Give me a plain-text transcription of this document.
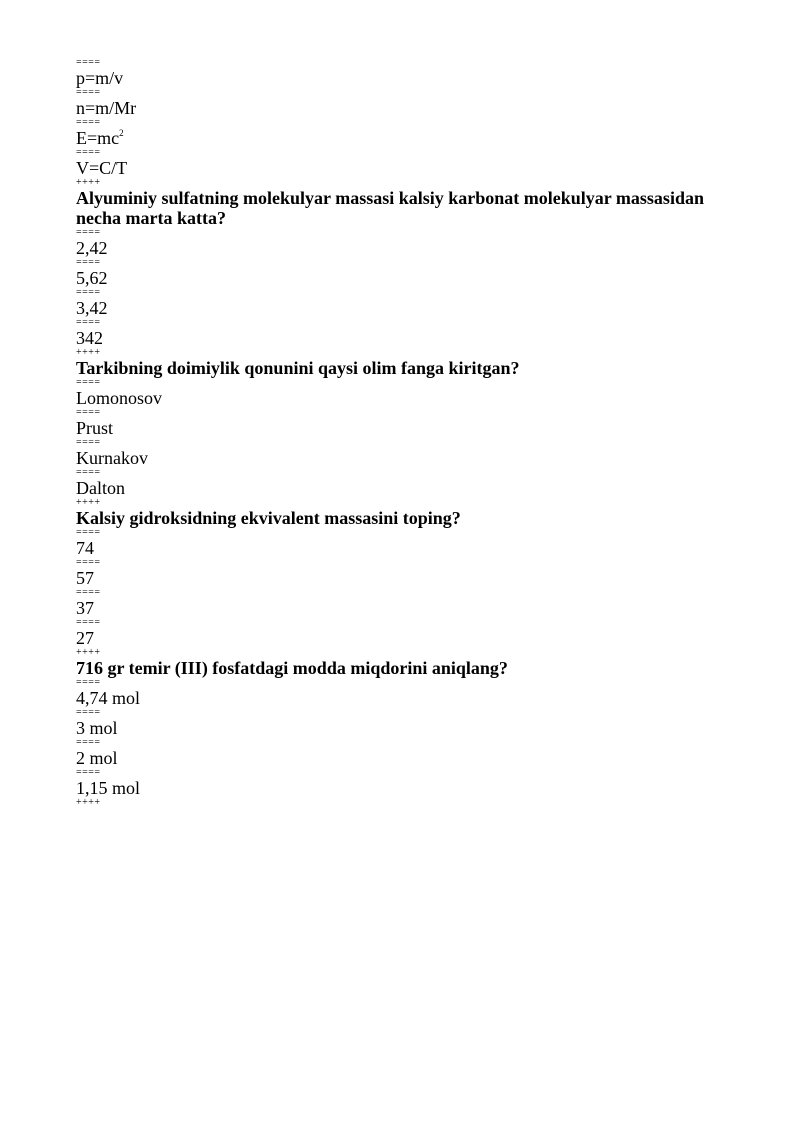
====
p=m/v
====
n=m/Mr
====
$E=mc^2$
====
V=C/T
++++
Alyuminiy sulfatning molekulyar massasi kalsiy karbonat molekulyar massasidan necha marta katta?
====
2,42
====
5,62
====
3,42
====
342
++++
Tarkibning doimiylik qonunini qaysi olim fanga kiritgan?
====
Lomonosov
====
Prust
====
Kurnakov
====
Dalton
++++
Kalsiy gidroksidning ekvivalent massasini toping?
====
74
====
57
====
37
====
27
++++
716 gr temir (III) fosfatdagi modda miqdorini aniqlang?
====
4,74 mol
====
3 mol
====
2 mol
====
1,15 mol
++++
